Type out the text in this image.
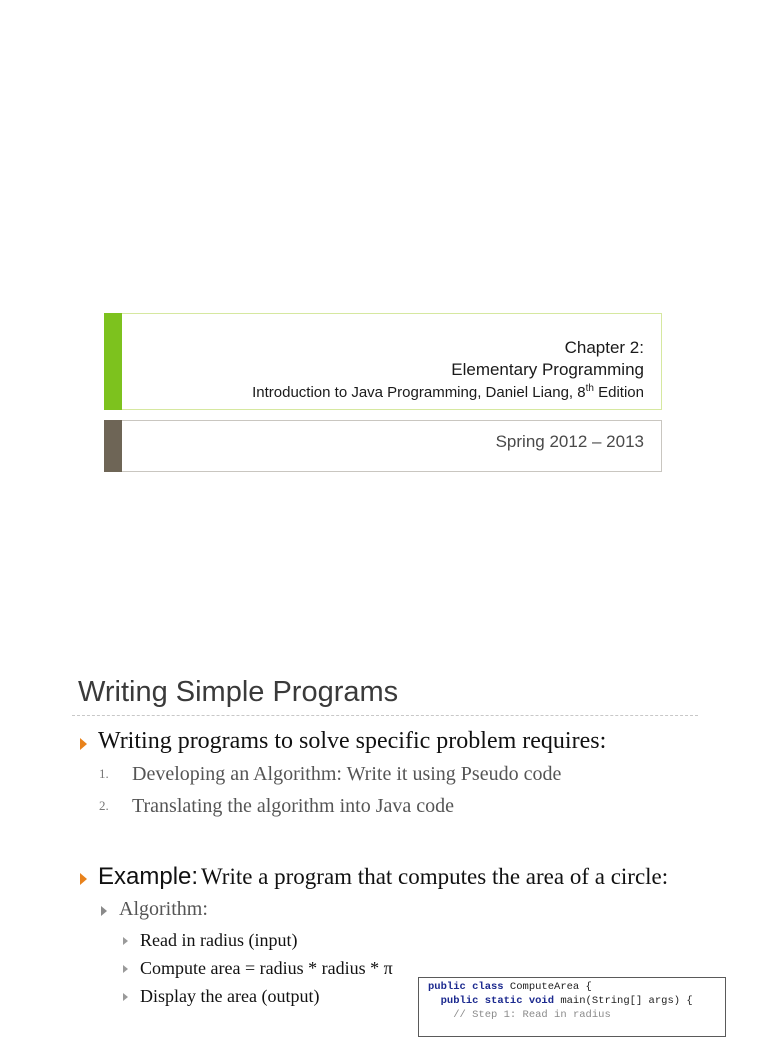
Chapter 2:
Elementary Programming
Introduction to Java Programming, Daniel Liang, 8th Edition
Spring 2012 – 2013
Writing Simple Programs
Writing programs to solve specific problem requires:
1. Developing an Algorithm: Write it using Pseudo code
2. Translating the algorithm into Java code
Example: Write a program that computes the area of a circle:
Algorithm:
Read in radius (input)
Compute area = radius * radius * π
Display the area (output)	public class ComputeArea {
public static void main(String[] args) {
// Step 1: Read in radius
